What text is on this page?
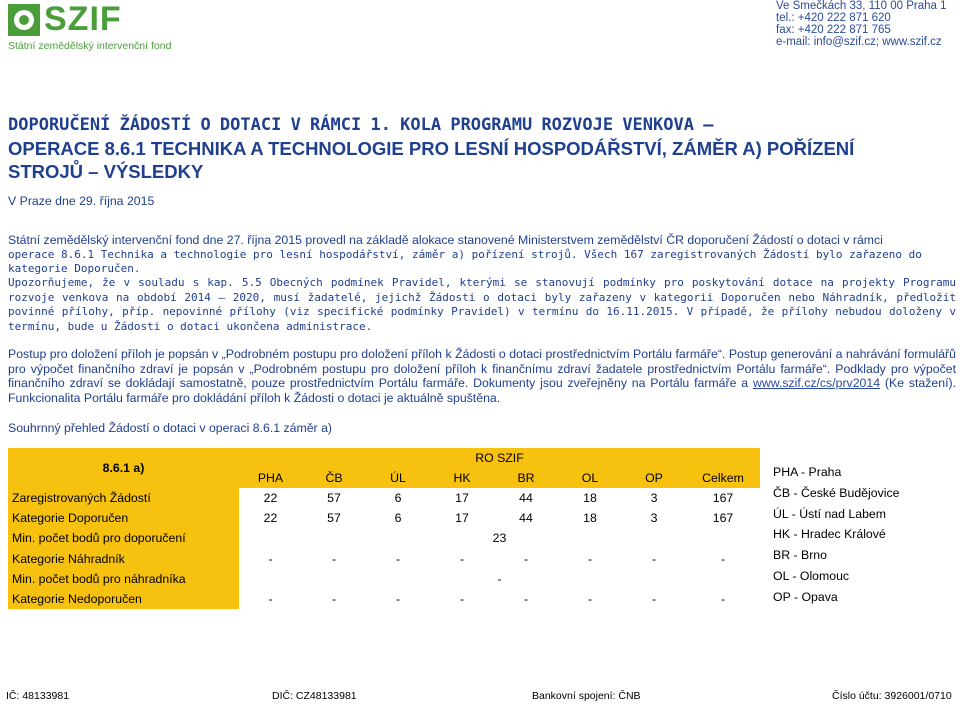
SZIF
Státní zemědělský intervenční fond
Ve Smečkách 33, 110 00 Praha 1
tel.: +420 222 871 620
fax: +420 222 871 765
e-mail: info@szif.cz; www.szif.cz
DOPORUČENÍ ŽÁDOSTÍ O DOTACI V RÁMCI 1. KOLA PROGRAMU ROZVOJE VENKOVA –
OPERACE 8.6.1 TECHNIKA A TECHNOLOGIE PRO LESNÍ HOSPODÁŘSTVÍ, ZÁMĚR A) POŘÍZENÍ
STROJŮ – VÝSLEDKY
V Praze dne 29. října 2015
Státní zemědělský intervenční fond dne 27. října 2015 provedl na základě alokace stanovené Ministerstvem zemědělství ČR doporučení Žádostí o dotaci v rámci
operace 8.6.1 Technika a technologie pro lesní hospodářství, záměr a) pořízení strojů. Všech 167 zaregistrovaných Žádostí bylo zařazeno do kategorie Doporučen.
Upozorňujeme, že v souladu s kap. 5.5 Obecných podmínek Pravidel, kterými se stanovují podmínky pro poskytování dotace na projekty Programu rozvoje venkova na období 2014 – 2020, musí žadatelé, jejichž Žádosti o dotaci byly zařazeny v kategorii Doporučen nebo Náhradník, předložit povinné přílohy, příp. nepovinné přílohy (viz specifické podmínky Pravidel) v termínu do 16.11.2015. V případě, že přílohy nebudou doloženy v termínu, bude u Žádosti o dotaci ukončena administrace.
Postup pro doložení příloh je popsán v „Podrobném postupu pro doložení příloh k Žádosti o dotaci prostřednictvím Portálu farmáře“. Postup generování a nahrávání formulářů pro výpočet finančního zdraví je popsán v „Podrobném postupu pro doložení příloh k finančnímu zdraví žadatele prostřednictvím Portálu farmáře“. Podklady pro výpočet finančního zdraví se dokládají samostatně, pouze prostřednictvím Portálu farmáře. Dokumenty jsou zveřejněny na Portálu farmáře a www.szif.cz/cs/prv2014 (Ke stažení). Funkcionalita Portálu farmáře pro dokládání příloh k Žádosti o dotaci je aktuálně spuštěna.
Souhrnný přehled Žádostí o dotaci v operaci 8.6.1 záměr a)
8.6.1 a)	RO SZIF							
	PHA	ČB	ÚL	HK	BR	OL	OP	Celkem
Zaregistrovaných Žádostí	22	57	6	17	44	18	3	167
Kategorie Doporučen	22	57	6	17	44	18	3	167
Min. počet bodů pro doporučení	23							
Kategorie Náhradník	-	-	-	-	-	-	-	-
Min. počet bodů pro náhradníka	-							
Kategorie Nedoporučen	-	-	-	-	-	-	-	-
PHA - Praha
ČB - České Budějovice
ÚL - Ústí nad Labem
HK - Hradec Králové
BR - Brno
OL - Olomouc
OP - Opava
IČ: 48133981	DIČ: CZ48133981	Bankovní spojení: ČNB	Číslo účtu: 3926001/0710
